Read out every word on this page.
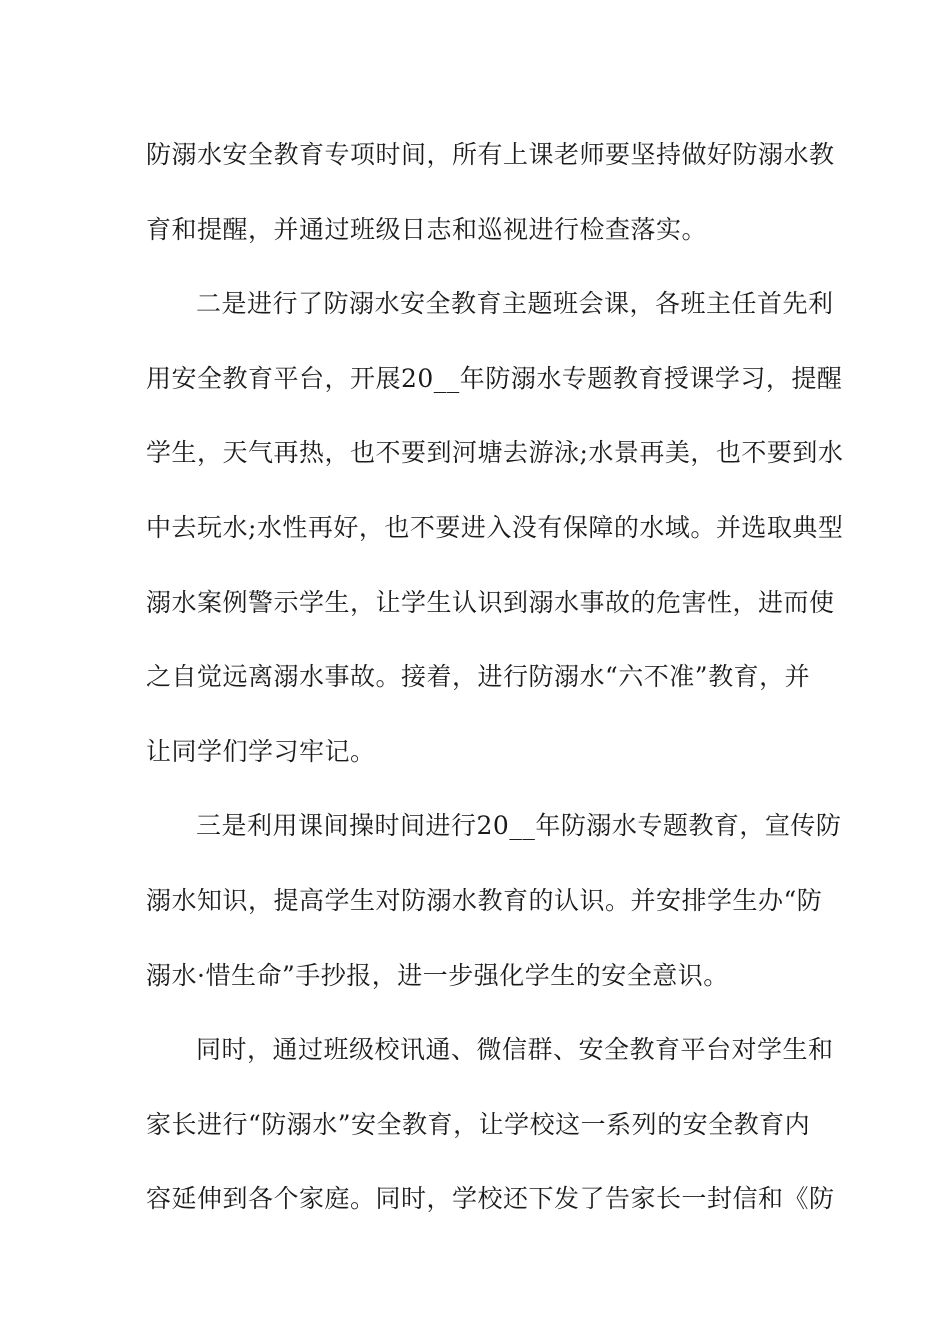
防溺水安全教育专项时间，所有上课老师要坚持做好防溺水教
育和提醒，并通过班级日志和巡视进行检查落实。

二是进行了防溺水安全教育主题班会课，各班主任首先利
用安全教育平台，开展20__年防溺水专题教育授课学习，提醒
学生，天气再热，也不要到河塘去游泳;水景再美，也不要到水
中去玩水;水性再好，也不要进入没有保障的水域。并选取典型
溺水案例警示学生，让学生认识到溺水事故的危害性，进而使
之自觉远离溺水事故。接着，进行防溺水“六不准”教育，并
让同学们学习牢记。

三是利用课间操时间进行20__年防溺水专题教育，宣传防
溺水知识，提高学生对防溺水教育的认识。并安排学生办“防
溺水·惜生命”手抄报，进一步强化学生的安全意识。

同时，通过班级校讯通、微信群、安全教育平台对学生和
家长进行“防溺水”安全教育，让学校这一系列的安全教育内
容延伸到各个家庭。同时，学校还下发了告家长一封信和《防
